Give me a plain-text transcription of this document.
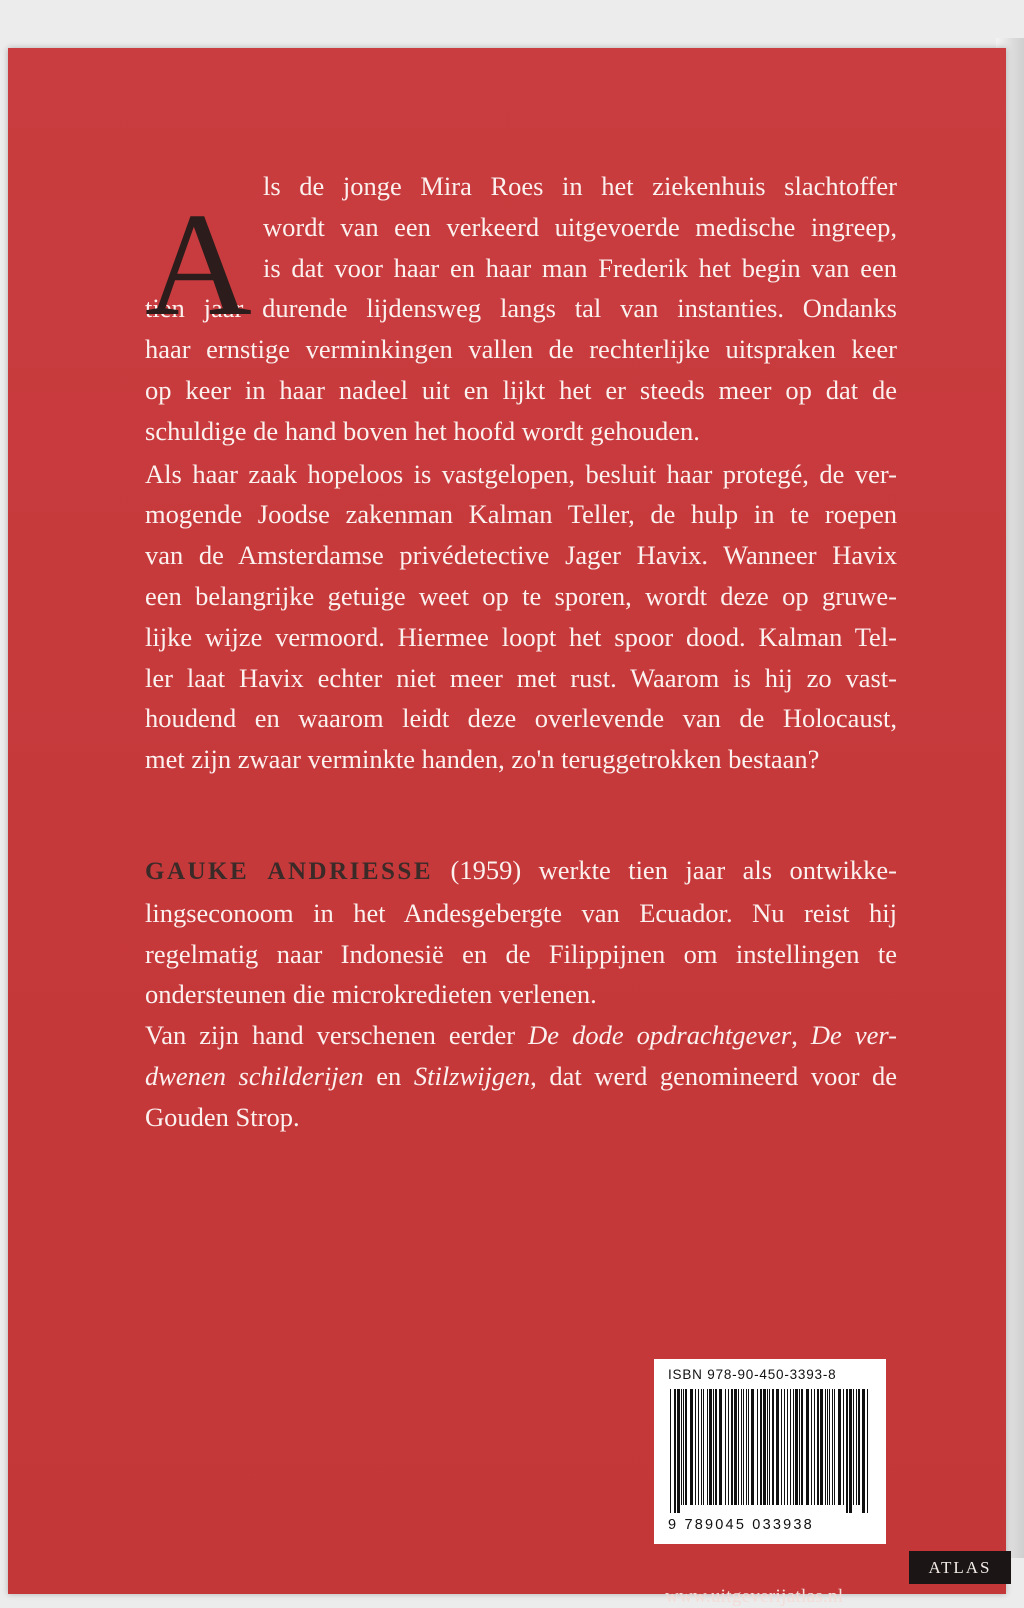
A ls de jonge Mira Roes in het ziekenhuis slachtoffer
wordt van een verkeerd uitgevoerde medische ingreep,
is dat voor haar en haar man Frederik het begin van een
tien jaar durende lijdensweg langs tal van instanties. Ondanks
haar ernstige verminkingen vallen de rechterlijke uitspraken keer
op keer in haar nadeel uit en lijkt het er steeds meer op dat de
schuldige de hand boven het hoofd wordt gehouden.
Als haar zaak hopeloos is vastgelopen, besluit haar protegé, de ver-
mogende Joodse zakenman Kalman Teller, de hulp in te roepen
van de Amsterdamse privédetective Jager Havix. Wanneer Havix
een belangrijke getuige weet op te sporen, wordt deze op gruwe-
lijke wijze vermoord. Hiermee loopt het spoor dood. Kalman Tel-
ler laat Havix echter niet meer met rust. Waarom is hij zo vast-
houdend en waarom leidt deze overlevende van de Holocaust,
met zijn zwaar verminkte handen, zo'n teruggetrokken bestaan?
GAUKE ANDRIESSE (1959) werkte tien jaar als ontwikke-
lingseconoom in het Andesgebergte van Ecuador. Nu reist hij
regelmatig naar Indonesië en de Filippijnen om instellingen te
ondersteunen die microkredieten verlenen.
Van zijn hand verschenen eerder De dode opdrachtgever, De ver-
dwenen schilderijen en Stilzwijgen, dat werd genomineerd voor de
Gouden Strop.
ISBN 978-90-450-3393-8
9 789045 033938
ATLAS
www.uitgeverijatlas.nl
